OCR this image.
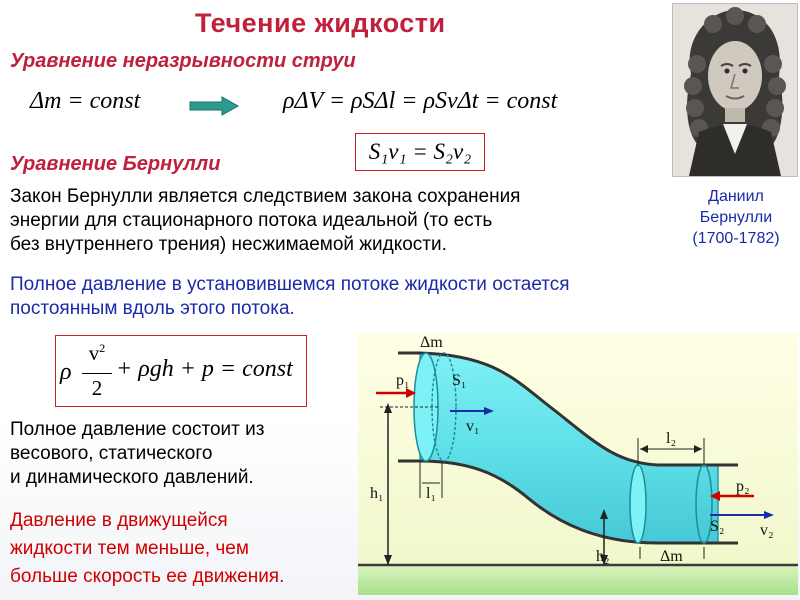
Течение жидкости
Уравнение неразрывности струи
Δm = const	ρΔV = ρSΔl = ρSvΔt = const
S₁v₁ = S₂v₂
Уравнение Бернулли
Закон Бернулли является следствием закона сохранения
энергии для стационарного потока идеальной (то есть
без внутреннего трения) несжимаемой жидкости.
Полное давление в установившемся потоке жидкости остается
постоянным вдоль этого потока.
ρ
$v^2$
2
+ ρgh + p = const
Полное давление состоит из
весового, статического
и динамического давлений.
Давление в движущейся
жидкости тем меньше, чем
больше скорость ее движения.
Даниил
Бернулли
(1700-1782)
Δm
p₁	S₁
v₁
l₁
h₁
l₂
p₂
S₂ v₂
h₂	Δm
